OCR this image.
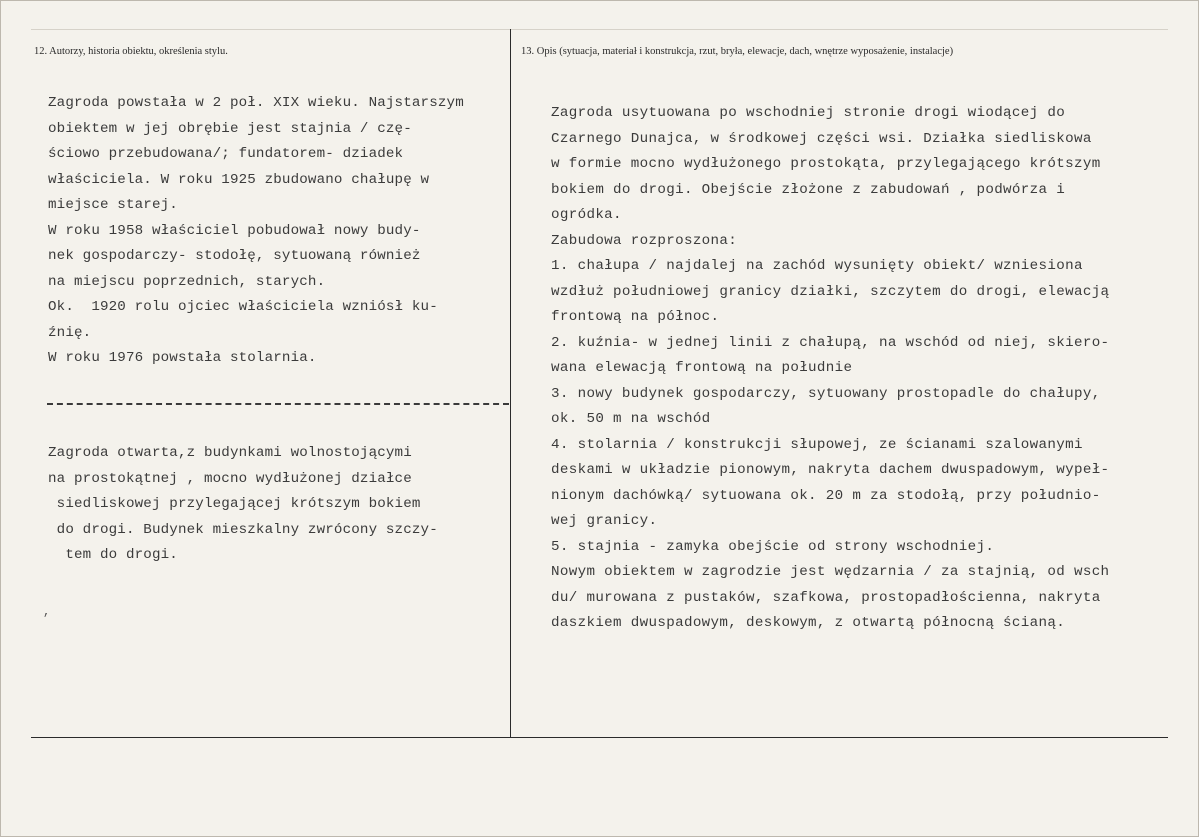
12. Autorzy, historia obiektu, określenia stylu.	13. Opis (sytuacja, materiał i konstrukcja, rzut, bryła, elewacje, dach, wnętrze wyposażenie, instalacje)
Zagroda powstała w 2 poł. XIX wieku. Najstarszym
obiektem w jej obrębie jest stajnia / czę-
ściowo przebudowana/; fundatorem- dziadek
właściciela. W roku 1925 zbudowano chałupę w
miejsce starej.
W roku 1958 właściciel pobudował nowy budy-
nek gospodarczy- stodołę, sytuowaną również
na miejscu poprzednich, starych.
Ok.  1920 rolu ojciec właściciela wzniósł ku-
źnię.
W roku 1976 powstała stolarnia.
Zagroda otwarta,z budynkami wolnostojącymi
na prostokątnej , mocno wydłużonej działce
siedliskowej przylegającej krótszym bokiem
do drogi. Budynek mieszkalny zwrócony szczy-
tem do drogi.
Zagroda usytuowana po wschodniej stronie drogi wiodącej do
Czarnego Dunajca, w środkowej części wsi. Działka siedliskowa
w formie mocno wydłużonego prostokąta, przylegającego krótszym
bokiem do drogi. Obejście złożone z zabudowań , podwórza i
ogródka.
Zabudowa rozproszona:
1. chałupa / najdalej na zachód wysunięty obiekt/ wzniesiona
wzdłuż południowej granicy działki, szczytem do drogi, elewacją
frontową na północ.
2. kuźnia- w jednej linii z chałupą, na wschód od niej, skiero-
wana elewacją frontową na południe
3. nowy budynek gospodarczy, sytuowany prostopadle do chałupy,
ok. 50 m na wschód
4. stolarnia / konstrukcji słupowej, ze ścianami szalowanymi
deskami w układzie pionowym, nakryta dachem dwuspadowym, wypeł-
nionym dachówką/ sytuowana ok. 20 m za stodołą, przy południo-
wej granicy.
5. stajnia - zamyka obejście od strony wschodniej.
Nowym obiektem w zagrodzie jest wędzarnia / za stajnią, od wsch
du/ murowana z pustaków, szafkowa, prostopadłościenna, nakryta
daszkiem dwuspadowym, deskowym, z otwartą północną ścianą.
,
